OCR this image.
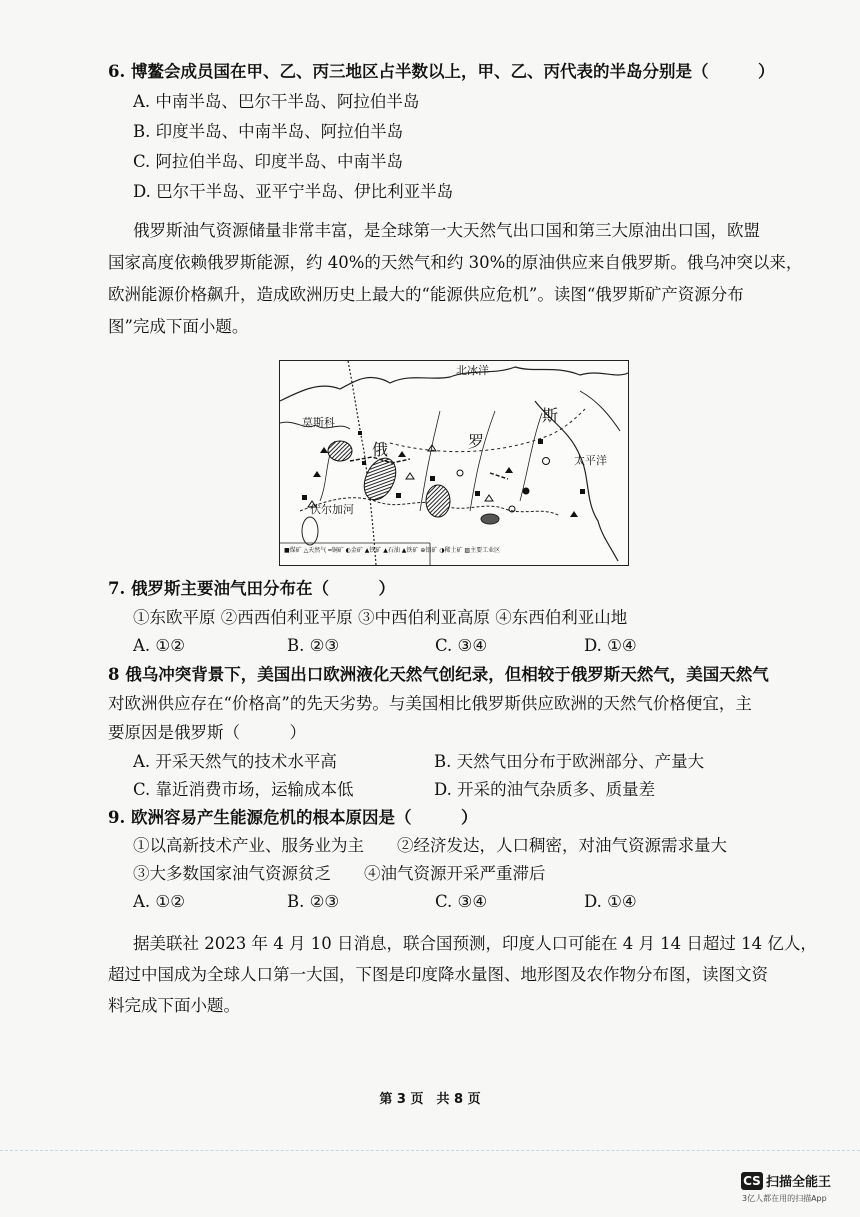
6. 博鳌会成员国在甲、乙、丙三地区占半数以上，甲、乙、丙代表的半岛分别是（　　　）
A. 中南半岛、巴尔干半岛、阿拉伯半岛
B. 印度半岛、中南半岛、阿拉伯半岛
C. 阿拉伯半岛、印度半岛、中南半岛
D. 巴尔干半岛、亚平宁半岛、伊比利亚半岛
俄罗斯油气资源储量非常丰富，是全球第一大天然气出口国和第三大原油出口国，欧盟
国家高度依赖俄罗斯能源，约 40%的天然气和约 30%的原油供应来自俄罗斯。俄乌冲突以来，
欧洲能源价格飙升，造成欧洲历史上最大的“能源供应危机”。读图“俄罗斯矿产资源分布
图”完成下面小题。
北冰洋
太平洋
莫斯科
伏尔加河
俄	罗
斯
■煤矿 △天然气 ━铜矿 ◐金矿 ▲铁矿 ▲石油 ▲铁矿 ⊕铝矿 ◑稀土矿 ▨主要工业区
7. 俄罗斯主要油气田分布在（　　　）
①东欧平原 ②西西伯利亚平原 ③中西伯利亚高原 ④东西伯利亚山地
A. ①②	B. ②③	C. ③④	D. ①④
8 俄乌冲突背景下，美国出口欧洲液化天然气创纪录，但相较于俄罗斯天然气，美国天然气
对欧洲供应存在“价格高”的先天劣势。与美国相比俄罗斯供应欧洲的天然气价格便宜，主
要原因是俄罗斯（　　　）
A. 开采天然气的技术水平高	B. 天然气田分布于欧洲部分、产量大
C. 靠近消费市场，运输成本低	D. 开采的油气杂质多、质量差
9. 欧洲容易产生能源危机的根本原因是（　　　）
①以高新技术产业、服务业为主　　②经济发达，人口稠密，对油气资源需求量大
③大多数国家油气资源贫乏　　④油气资源开采严重滞后
A. ①②	B. ②③	C. ③④	D. ①④
据美联社 2023 年 4 月 10 日消息，联合国预测，印度人口可能在 4 月 14 日超过 14 亿人，
超过中国成为全球人口第一大国，下图是印度降水量图、地形图及农作物分布图，读图文资
料完成下面小题。
第 3 页　共 8 页
CS 扫描全能王
3亿人都在用的扫描App
